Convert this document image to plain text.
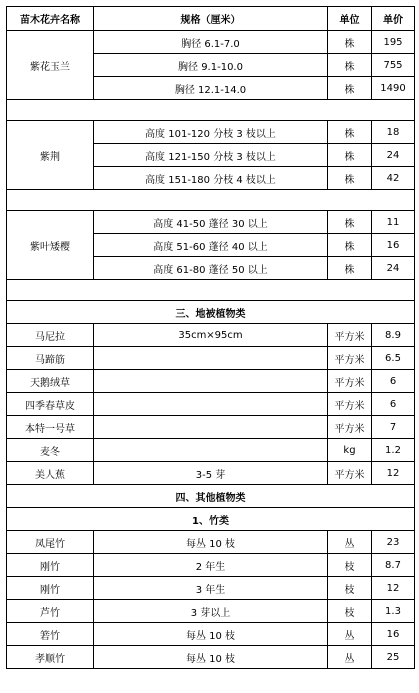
苗木花卉名称	规格（厘米）	单位	单价
紫花玉兰	胸径 6.1-7.0	株	195
	胸径 9.1-10.0	株	755
	胸径 12.1-14.0	株	1490

紫荆	高度 101-120 分枝 3 枝以上	株	18
	高度 121-150 分枝 3 枝以上	株	24
	高度 151-180 分枝 4 枝以上	株	42

紫叶矮樱	高度 41-50 蓬径 30 以上	株	11
	高度 51-60 蓬径 40 以上	株	16
	高度 61-80 蓬径 50 以上	株	24

三、地被植物类			
马尼拉	35cm×95cm	平方米	8.9
马蹄筋		平方米	6.5
天鹅绒草		平方米	6
四季春草皮		平方米	6
本特一号草		平方米	7
麦冬		kg	1.2
美人蕉	3-5 芽	平方米	12
四、其他植物类			
1、竹类			
凤尾竹	每丛 10 枝	丛	23
刚竹	2 年生	枝	8.7
刚竹	3 年生	枝	12
芦竹	3 芽以上	枝	1.3
箬竹	每丛 10 枝	丛	16
孝顺竹	每丛 10 枝	丛	25
